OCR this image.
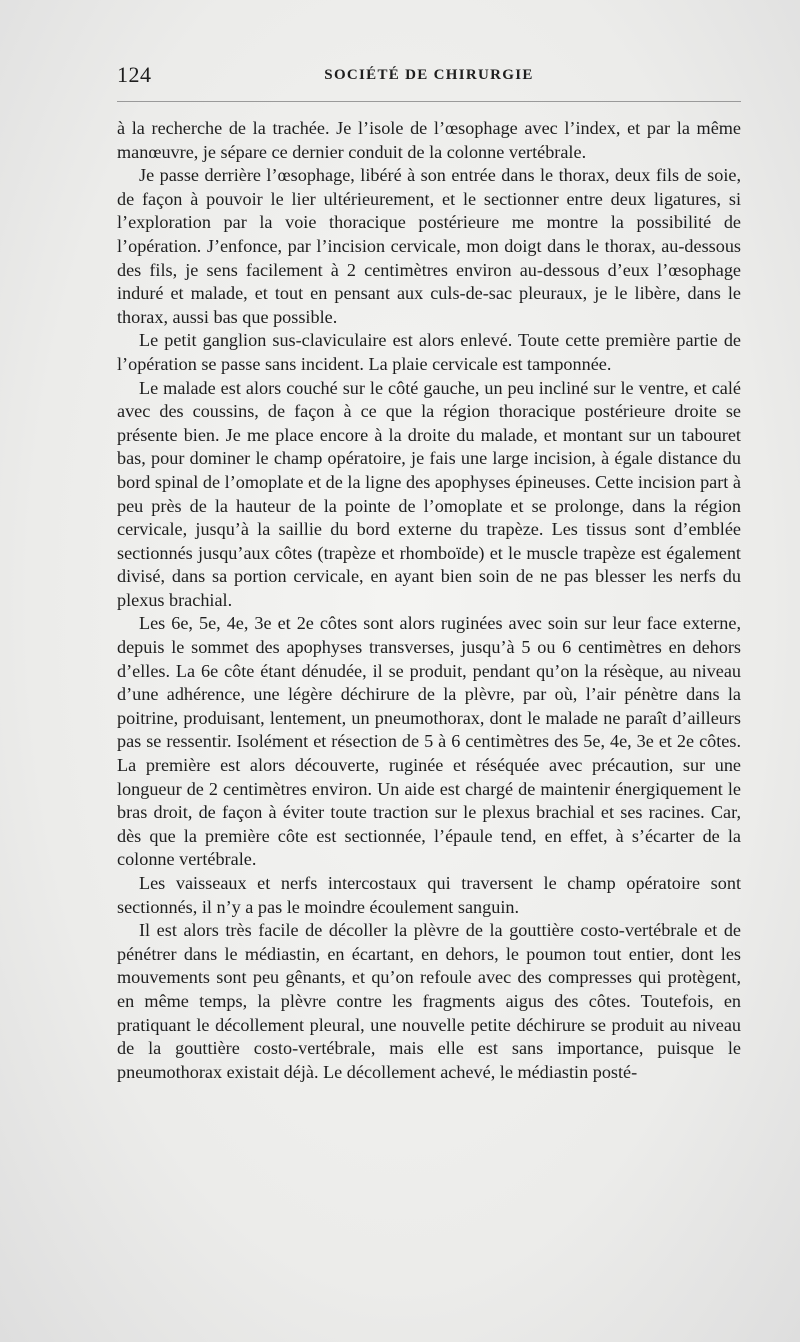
124	SOCIÉTÉ DE CHIRURGIE

à la recherche de la trachée. Je l’isole de l’œsophage avec l’index, et par la même manœuvre, je sépare ce dernier conduit de la colonne vertébrale.

Je passe derrière l’œsophage, libéré à son entrée dans le thorax, deux fils de soie, de façon à pouvoir le lier ultérieurement, et le sectionner entre deux ligatures, si l’exploration par la voie thoracique postérieure me montre la possibilité de l’opération. J’enfonce, par l’incision cervicale, mon doigt dans le thorax, au-dessous des fils, je sens facilement à 2 centimètres environ au-dessous d’eux l’œsophage induré et malade, et tout en pensant aux culs-de-sac pleuraux, je le libère, dans le thorax, aussi bas que possible.

Le petit ganglion sus-claviculaire est alors enlevé. Toute cette première partie de l’opération se passe sans incident. La plaie cervicale est tamponnée.

Le malade est alors couché sur le côté gauche, un peu incliné sur le ventre, et calé avec des coussins, de façon à ce que la région thoracique postérieure droite se présente bien. Je me place encore à la droite du malade, et montant sur un tabouret bas, pour dominer le champ opératoire, je fais une large incision, à égale distance du bord spinal de l’omoplate et de la ligne des apophyses épineuses. Cette incision part à peu près de la hauteur de la pointe de l’omoplate et se prolonge, dans la région cervicale, jusqu’à la saillie du bord externe du trapèze. Les tissus sont d’emblée sectionnés jusqu’aux côtes (trapèze et rhomboïde) et le muscle trapèze est également divisé, dans sa portion cervicale, en ayant bien soin de ne pas blesser les nerfs du plexus brachial.

Les 6e, 5e, 4e, 3e et 2e côtes sont alors ruginées avec soin sur leur face externe, depuis le sommet des apophyses transverses, jusqu’à 5 ou 6 centimètres en dehors d’elles. La 6e côte étant dénudée, il se produit, pendant qu’on la résèque, au niveau d’une adhérence, une légère déchirure de la plèvre, par où, l’air pénètre dans la poitrine, produisant, lentement, un pneumothorax, dont le malade ne paraît d’ailleurs pas se ressentir. Isolément et résection de 5 à 6 centimètres des 5e, 4e, 3e et 2e côtes. La première est alors découverte, ruginée et réséquée avec précaution, sur une longueur de 2 centimètres environ. Un aide est chargé de maintenir énergiquement le bras droit, de façon à éviter toute traction sur le plexus brachial et ses racines. Car, dès que la première côte est sectionnée, l’épaule tend, en effet, à s’écarter de la colonne vertébrale.

Les vaisseaux et nerfs intercostaux qui traversent le champ opératoire sont sectionnés, il n’y a pas le moindre écoulement sanguin.

Il est alors très facile de décoller la plèvre de la gouttière costo-vertébrale et de pénétrer dans le médiastin, en écartant, en dehors, le poumon tout entier, dont les mouvements sont peu gênants, et qu’on refoule avec des compresses qui protègent, en même temps, la plèvre contre les fragments aigus des côtes. Toutefois, en pratiquant le décollement pleural, une nouvelle petite déchirure se produit au niveau de la gouttière costo-vertébrale, mais elle est sans importance, puisque le pneumothorax existait déjà. Le décollement achevé, le médiastin posté-
